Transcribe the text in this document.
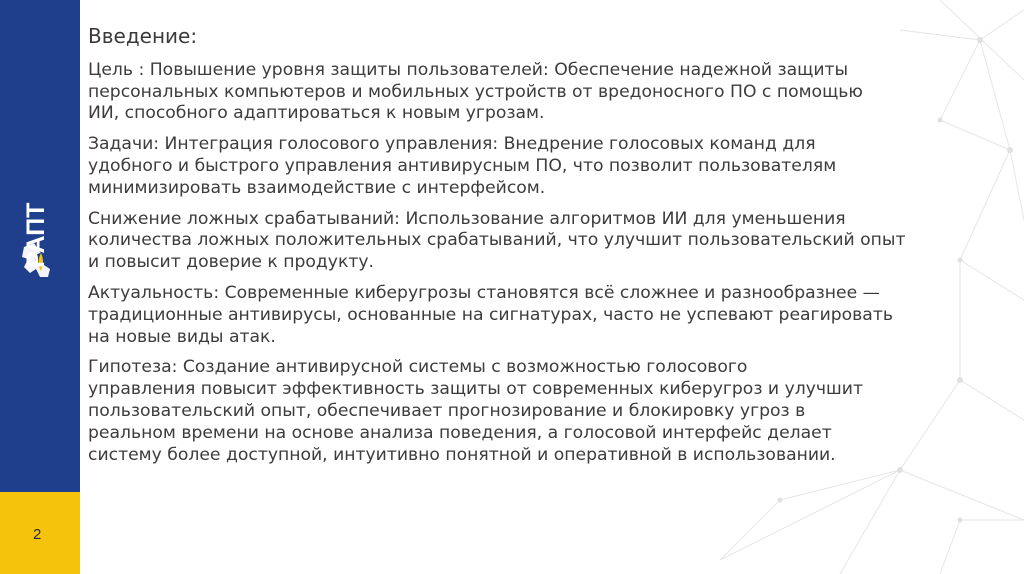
РАПТ
2
Введение:
Цель : Повышение уровня защиты пользователей: Обеспечение надежной защиты
персональных компьютеров и мобильных устройств от вредоносного ПО с помощью
ИИ, способного адаптироваться к новым угрозам.
Задачи: Интеграция голосового управления: Внедрение голосовых команд для
удобного и быстрого управления антивирусным ПО, что позволит пользователям
минимизировать взаимодействие с интерфейсом.
Снижение ложных срабатываний: Использование алгоритмов ИИ для уменьшения
количества ложных положительных срабатываний, что улучшит пользовательский опыт
и повысит доверие к продукту.
Актуальность: Современные киберугрозы становятся всё сложнее и разнообразнее —
традиционные антивирусы, основанные на сигнатурах, часто не успевают реагировать
на новые виды атак.
Гипотеза: Создание антивирусной системы с возможностью голосового
управления повысит эффективность защиты от современных киберугроз и улучшит
пользовательский опыт, обеспечивает прогнозирование и блокировку угроз в
реальном времени на основе анализа поведения, а голосовой интерфейс делает
систему более доступной, интуитивно понятной и оперативной в использовании.
